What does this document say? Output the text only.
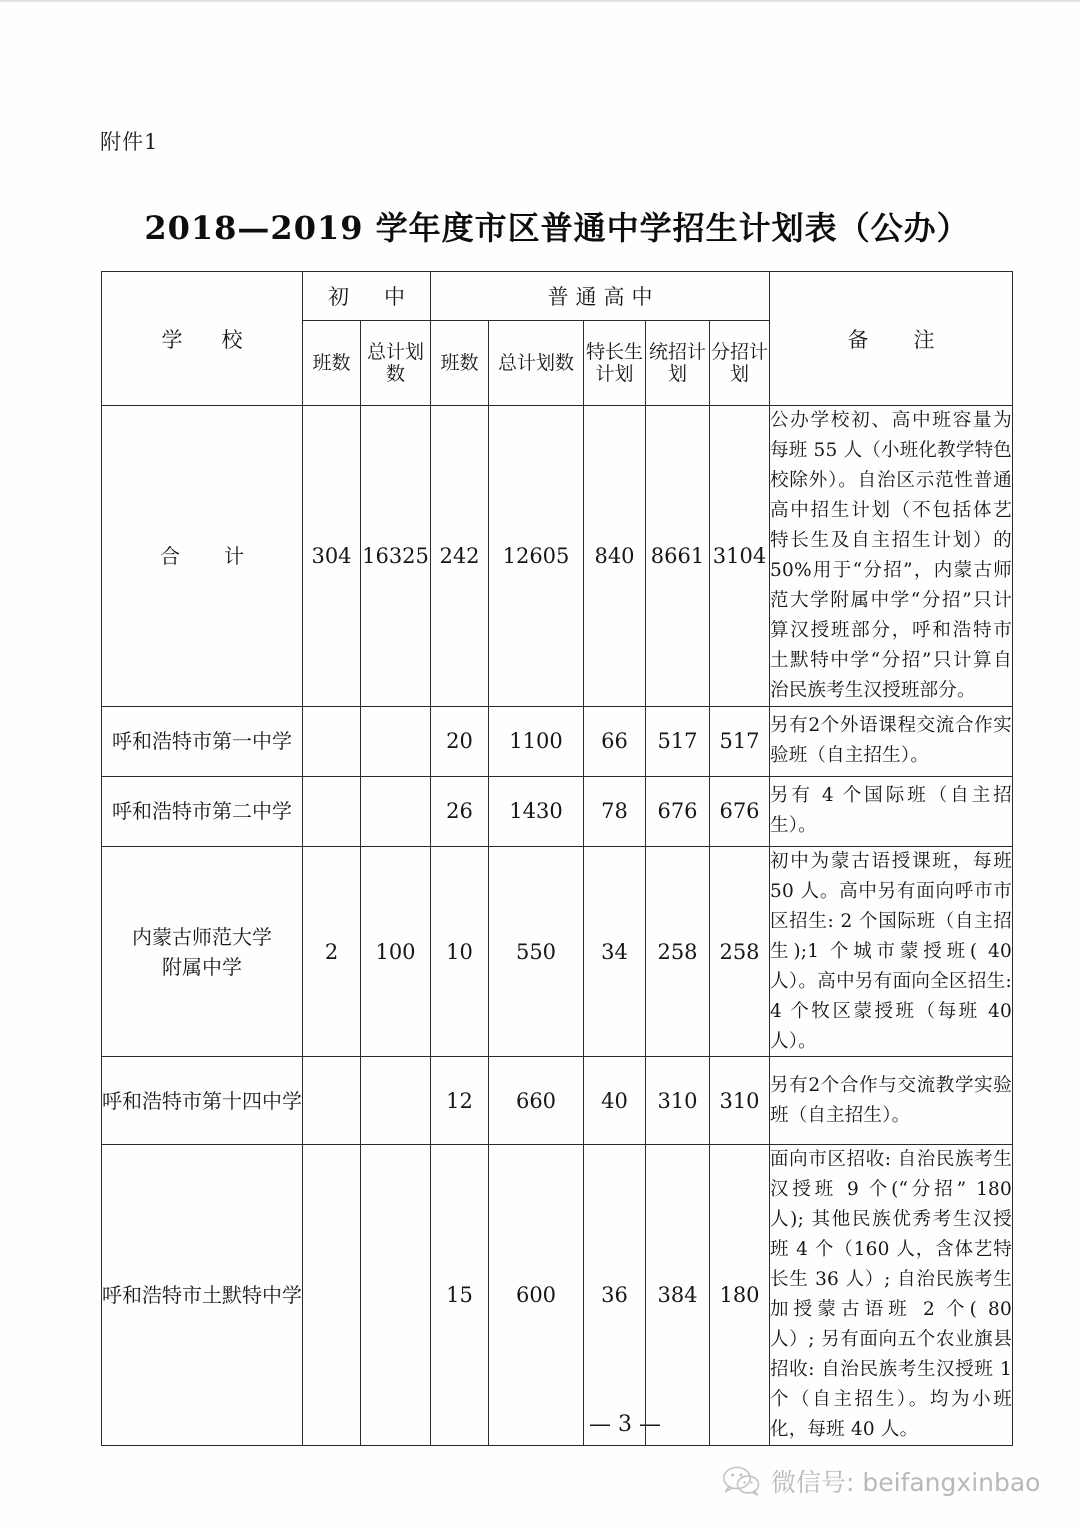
附件1
2018—2019 学年度市区普通中学招生计划表（公办）
学　校	初　中		普通高中					备　注
	班数	总计划数	班数	总计划数	特长生计划	统招计划	分招计划	
合　计	304	16325	242	12605	840	8661	3104	公办学校初、高中班容量为每班 55 人（小班化教学特色校除外）。自治区示范性普通高中招生计划（不包括体艺特长生及自主招生计划）的 50%用于“分招”，内蒙古师范大学附属中学“分招”只计算汉授班部分，呼和浩特市土默特中学“分招”只计算自治民族考生汉授班部分。
呼和浩特市第一中学			20	1100	66	517	517	另有2个外语课程交流合作实验班（自主招生）。
呼和浩特市第二中学			26	1430	78	676	676	另有 4 个国际班（自主招生）。
内蒙古师范大学
附属中学	2	100	10	550	34	258	258	初中为蒙古语授课班，每班 50 人。高中另有面向呼市市区招生: 2 个国际班（自主招生);1 个城市蒙授班( 40 人）。高中另有面向全区招生: 4 个牧区蒙授班（每班 40 人）。
呼和浩特市第十四中学			12	660	40	310	310	另有2个合作与交流教学实验班（自主招生）。
呼和浩特市土默特中学			15	600	36	384	180	面向市区招收: 自治民族考生汉授班 9 个(“分招” 180 人); 其他民族优秀考生汉授班 4 个（160 人，含体艺特长生 36 人）; 自治民族考生加授蒙古语班 2 个( 80 人）; 另有面向五个农业旗县招收: 自治民族考生汉授班 1 个（自主招生）。均为小班化，每班 40 人。
— 3 —
微信号: beifangxinbao
